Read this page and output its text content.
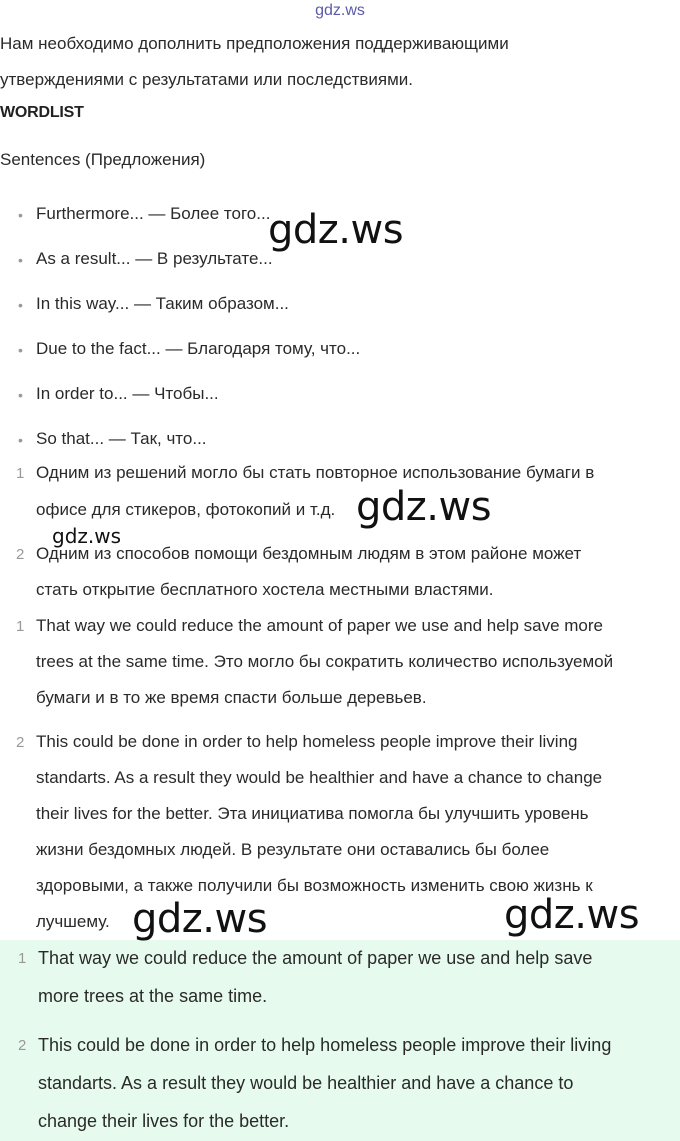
gdz.ws
Нам необходимо дополнить предположения поддерживающими
утверждениями с результатами или последствиями.
WORDLIST
Sentences (Предложения)
• Furthermore... — Более того...
• As a result... — В результате...
• In this way... — Таким образом...
• Due to the fact... — Благодаря тому, что...
• In order to... — Чтобы...
• So that... — Так, что...
1 Одним из решений могло бы стать повторное использование бумаги в
офисе для стикеров, фотокопий и т.д.
2 Одним из способов помощи бездомным людям в этом районе может
стать открытие бесплатного хостела местными властями.
1 That way we could reduce the amount of paper we use and help save more
trees at the same time. Это могло бы сократить количество используемой
бумаги и в то же время спасти больше деревьев.
2 This could be done in order to help homeless people improve their living
standarts. As a result they would be healthier and have a chance to change
their lives for the better. Эта инициатива помогла бы улучшить уровень
жизни бездомных людей. В результате они оставались бы более
здоровыми, а также получили бы возможность изменить свою жизнь к
лучшему.
1 That way we could reduce the amount of paper we use and help save
more trees at the same time.
2 This could be done in order to help homeless people improve their living
standarts. As a result they would be healthier and have a chance to
change their lives for the better.
gdz.ws
gdz.ws
gdz.ws
gdz.ws	gdz.ws
